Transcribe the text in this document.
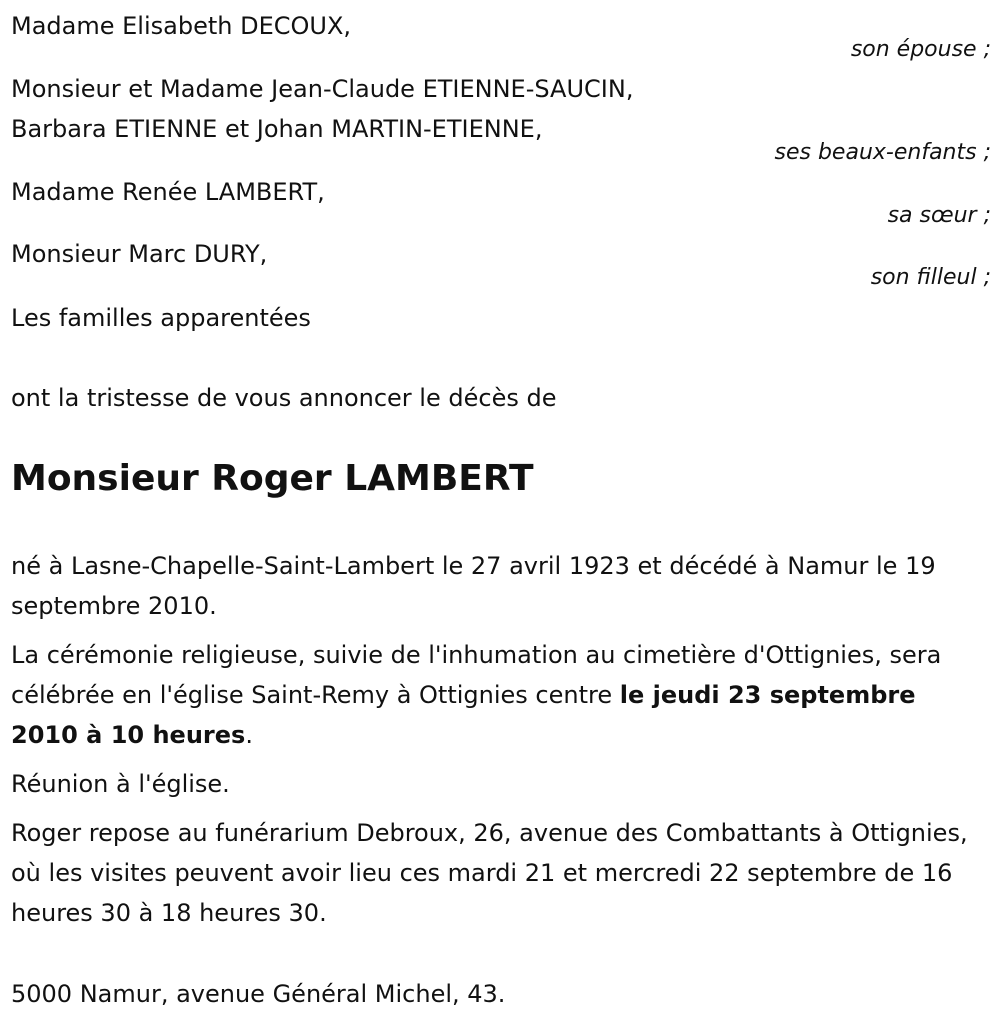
Madame Elisabeth DECOUX,
son épouse ;
Monsieur et Madame Jean-Claude ETIENNE-SAUCIN,
Barbara ETIENNE et Johan MARTIN-ETIENNE,
ses beaux-enfants ;
Madame Renée LAMBERT,
sa sœur ;
Monsieur Marc DURY,
son filleul ;
Les familles apparentées
ont la tristesse de vous annoncer le décès de
Monsieur Roger LAMBERT
né à Lasne-Chapelle-Saint-Lambert le 27 avril 1923 et décédé à Namur le 19 septembre 2010.
La cérémonie religieuse, suivie de l'inhumation au cimetière d'Ottignies, sera célébrée en l'église Saint-Remy à Ottignies centre le jeudi 23 septembre 2010 à 10 heures.
Réunion à l'église.
Roger repose au funérarium Debroux, 26, avenue des Combattants à Ottignies, où les visites peuvent avoir lieu ces mardi 21 et mercredi 22 septembre de 16 heures 30 à 18 heures 30.
5000 Namur, avenue Général Michel, 43.
